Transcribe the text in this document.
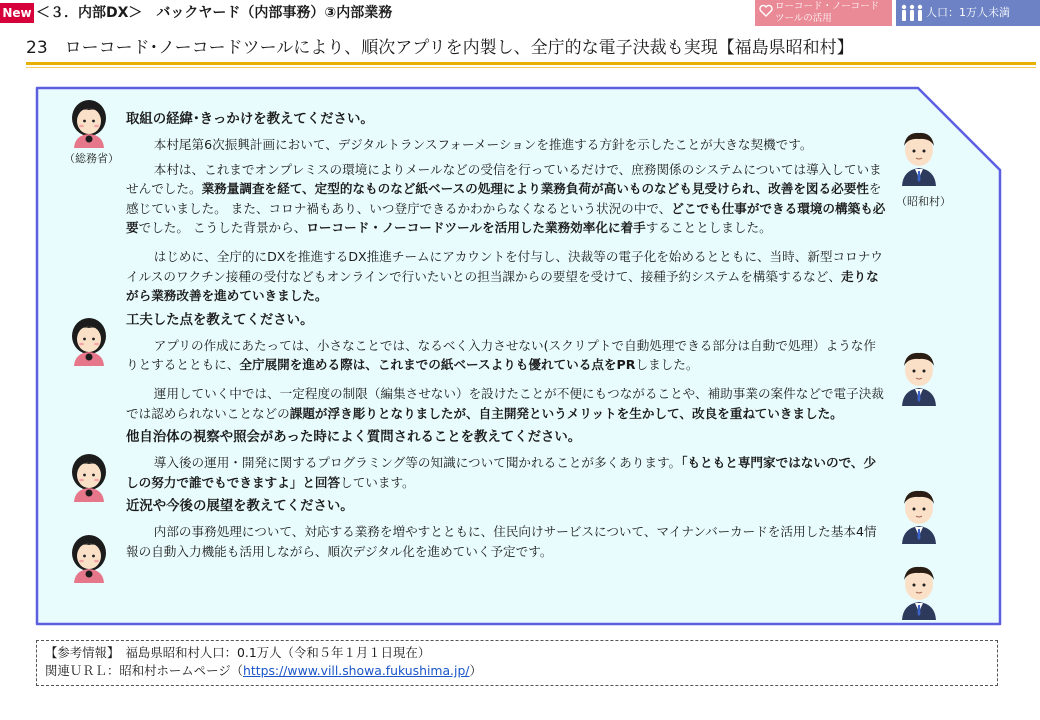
New ＜３．内部DX＞　バックヤード（内部事務）③内部業務	ローコード・ノーコード
ツールの活用	人口：1万人未満
23　ローコード･ノーコードツールにより、順次アプリを内製し、全庁的な電子決裁も実現【福島県昭和村】
（総務省）
（昭和村）
取組の経緯･きっかけを教えてください。

本村尾第6次振興計画において、デジタルトランスフォーメーションを推進する方針を示したことが大きな契機です。

本村は、これまでオンプレミスの環境によりメールなどの受信を行っているだけで、庶務関係のシステムについては導入していませんでした。業務量調査を経て、定型的なものなど紙ベースの処理により業務負荷が高いものなども見受けられ、改善を図る必要性を感じていました。 また、コロナ禍もあり、いつ登庁できるかわからなくなるという状況の中で、どこでも仕事ができる環境の構築も必要でした。 こうした背景から、ローコード・ノーコードツールを活用した業務効率化に着手することとしました。

はじめに、全庁的にDXを推進するDX推進チームにアカウントを付与し、決裁等の電子化を始めるとともに、当時、新型コロナウイルスのワクチン接種の受付などもオンラインで行いたいとの担当課からの要望を受けて、接種予約システムを構築するなど、走りながら業務改善を進めていきました。

工夫した点を教えてください。

アプリの作成にあたっては、小さなことでは、なるべく入力させない(スクリプトで自動処理できる部分は自動で処理）ような作りとするとともに、全庁展開を進める際は、これまでの紙ベースよりも優れている点をPRしました。

運用していく中では、一定程度の制限（編集させない）を設けたことが不便にもつながることや、補助事業の案件などで電子決裁では認められないことなどの課題が浮き彫りとなりましたが、自主開発というメリットを生かして、改良を重ねていきました。

他自治体の視察や照会があった時によく質問されることを教えてください。

導入後の運用・開発に関するプログラミング等の知識について聞かれることが多くあります。「もともと専門家ではないので、少しの努力で誰でもできますよ」と回答しています。

近況や今後の展望を教えてください。

内部の事務処理について、対応する業務を増やすとともに、住民向けサービスについて、マイナンバーカードを活用した基本4情報の自動入力機能も活用しながら、順次デジタル化を進めていく予定です。

【参考情報】　福島県昭和村人口：0.1万人（令和５年１月１日現在）
関連ＵＲＬ：昭和村ホームページ（https://www.vill.showa.fukushima.jp/）
